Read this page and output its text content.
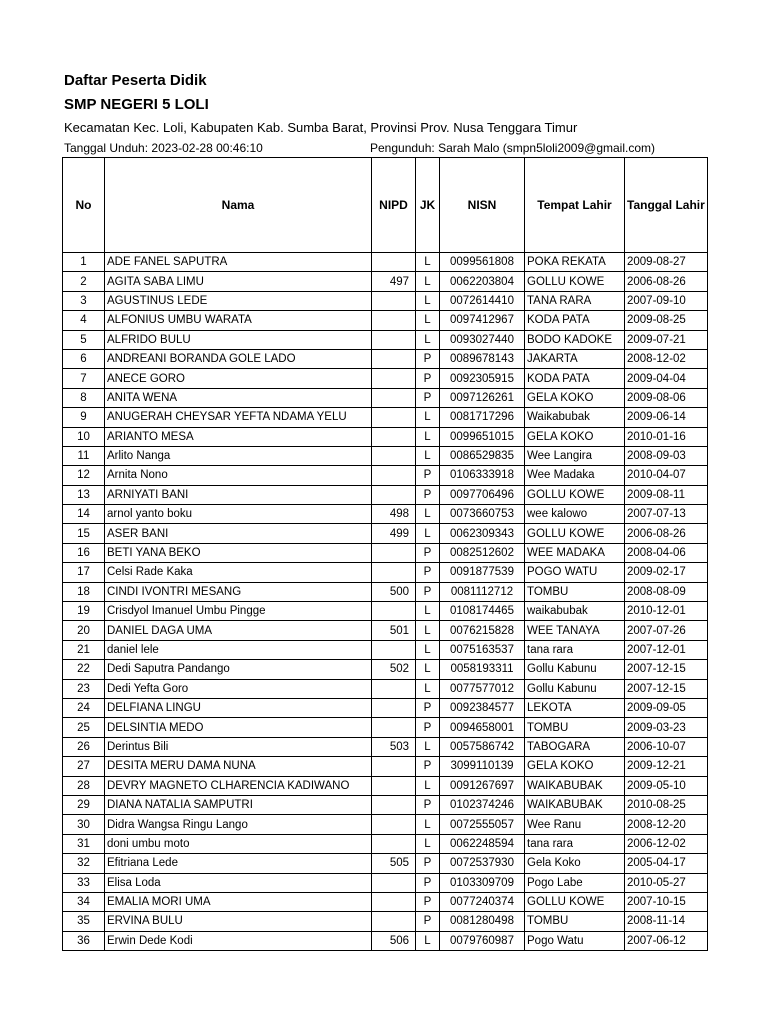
Daftar Peserta Didik
SMP NEGERI 5 LOLI
Kecamatan Kec. Loli, Kabupaten Kab. Sumba Barat, Provinsi Prov. Nusa Tenggara Timur
Tanggal Unduh: 2023-02-28 00:46:10	Pengunduh: Sarah Malo (smpn5loli2009@gmail.com)
No	Nama	NIPD	JK	NISN	Tempat Lahir	Tanggal Lahir
1	ADE FANEL SAPUTRA		L	0099561808	POKA REKATA	2009-08-27
2	AGITA SABA LIMU	497	L	0062203804	GOLLU KOWE	2006-08-26
3	AGUSTINUS LEDE		L	0072614410	TANA RARA	2007-09-10
4	ALFONIUS UMBU WARATA		L	0097412967	KODA PATA	2009-08-25
5	ALFRIDO BULU		L	0093027440	BODO KADOKE	2009-07-21
6	ANDREANI BORANDA GOLE LADO		P	0089678143	JAKARTA	2008-12-02
7	ANECE GORO		P	0092305915	KODA PATA	2009-04-04
8	ANITA WENA		P	0097126261	GELA KOKO	2009-08-06
9	ANUGERAH CHEYSAR YEFTA NDAMA YELU		L	0081717296	Waikabubak	2009-06-14
10	ARIANTO MESA		L	0099651015	GELA KOKO	2010-01-16
11	Arlito Nanga		L	0086529835	Wee Langira	2008-09-03
12	Arnita Nono		P	0106333918	Wee Madaka	2010-04-07
13	ARNIYATI BANI		P	0097706496	GOLLU KOWE	2009-08-11
14	arnol yanto boku	498	L	0073660753	wee kalowo	2007-07-13
15	ASER BANI	499	L	0062309343	GOLLU KOWE	2006-08-26
16	BETI YANA BEKO		P	0082512602	WEE MADAKA	2008-04-06
17	Celsi Rade Kaka		P	0091877539	POGO WATU	2009-02-17
18	CINDI IVONTRI MESANG	500	P	0081112712	TOMBU	2008-08-09
19	Crisdyol Imanuel Umbu Pingge		L	0108174465	waikabubak	2010-12-01
20	DANIEL DAGA UMA	501	L	0076215828	WEE TANAYA	2007-07-26
21	daniel lele		L	0075163537	tana rara	2007-12-01
22	Dedi Saputra Pandango	502	L	0058193311	Gollu Kabunu	2007-12-15
23	Dedi Yefta Goro		L	0077577012	Gollu Kabunu	2007-12-15
24	DELFIANA LINGU		P	0092384577	LEKOTA	2009-09-05
25	DELSINTIA MEDO		P	0094658001	TOMBU	2009-03-23
26	Derintus Bili	503	L	0057586742	TABOGARA	2006-10-07
27	DESITA MERU DAMA NUNA		P	3099110139	GELA KOKO	2009-12-21
28	DEVRY MAGNETO CLHARENCIA KADIWANO		L	0091267697	WAIKABUBAK	2009-05-10
29	DIANA NATALIA SAMPUTRI		P	0102374246	WAIKABUBAK	2010-08-25
30	Didra Wangsa Ringu Lango		L	0072555057	Wee Ranu	2008-12-20
31	doni umbu moto		L	0062248594	tana rara	2006-12-02
32	Efitriana Lede	505	P	0072537930	Gela Koko	2005-04-17
33	Elisa Loda		P	0103309709	Pogo Labe	2010-05-27
34	EMALIA MORI UMA		P	0077240374	GOLLU KOWE	2007-10-15
35	ERVINA BULU		P	0081280498	TOMBU	2008-11-14
36	Erwin Dede Kodi	506	L	0079760987	Pogo Watu	2007-06-12
